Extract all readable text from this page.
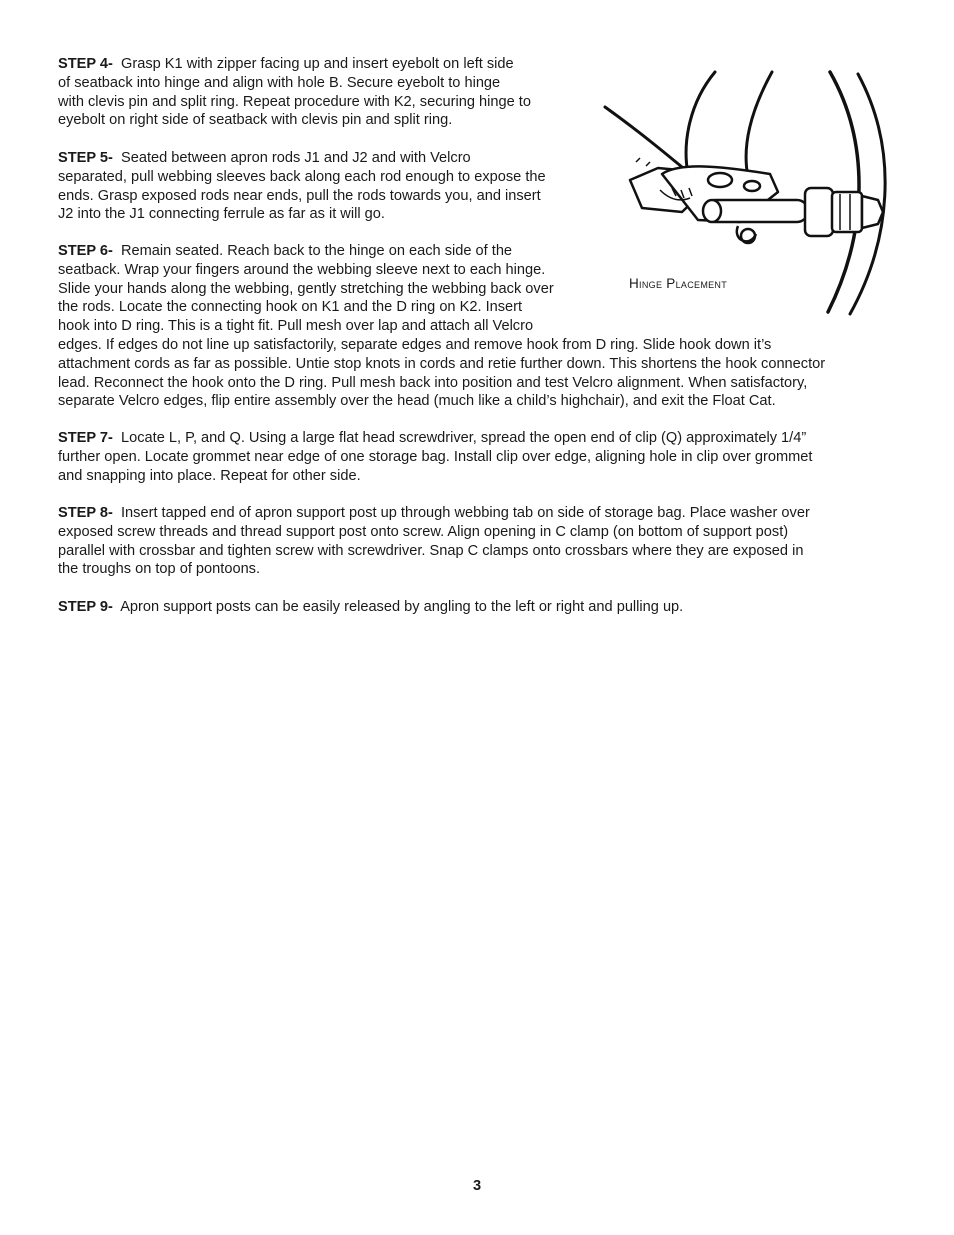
STEP 4- Grasp K1 with zipper facing up and insert eyebolt on left side
of seatback into hinge and align with hole B. Secure eyebolt to hinge
with clevis pin and split ring. Repeat procedure with K2, securing hinge to
eyebolt on right side of seatback with clevis pin and split ring.

STEP 5- Seated between apron rods J1 and J2 and with Velcro
separated, pull webbing sleeves back along each rod enough to expose the
ends. Grasp exposed rods near ends, pull the rods towards you, and insert
J2 into the J1 connecting ferrule as far as it will go.

STEP 6- Remain seated. Reach back to the hinge on each side of the
seatback. Wrap your fingers around the webbing sleeve next to each hinge.
Slide your hands along the webbing, gently stretching the webbing back over
the rods. Locate the connecting hook on K1 and the D ring on K2. Insert
hook into D ring. This is a tight fit. Pull mesh over lap and attach all Velcro
edges. If edges do not line up satisfactorily, separate edges and remove hook from D ring. Slide hook down it’s
attachment cords as far as possible. Untie stop knots in cords and retie further down. This shortens the hook connector
lead. Reconnect the hook onto the D ring. Pull mesh back into position and test Velcro alignment. When satisfactory,
separate Velcro edges, flip entire assembly over the head (much like a child’s highchair), and exit the Float Cat.

STEP 7- Locate L, P, and Q. Using a large flat head screwdriver, spread the open end of clip (Q) approximately 1/4”
further open. Locate grommet near edge of one storage bag. Install clip over edge, aligning hole in clip over grommet
and snapping into place. Repeat for other side.

STEP 8- Insert tapped end of apron support post up through webbing tab on side of storage bag. Place washer over
exposed screw threads and thread support post onto screw. Align opening in C clamp (on bottom of support post)
parallel with crossbar and tighten screw with screwdriver. Snap C clamps onto crossbars where they are exposed in
the troughs on top of pontoons.

STEP 9- Apron support posts can be easily released by angling to the left or right and pulling up.

Hinge Placement
3
